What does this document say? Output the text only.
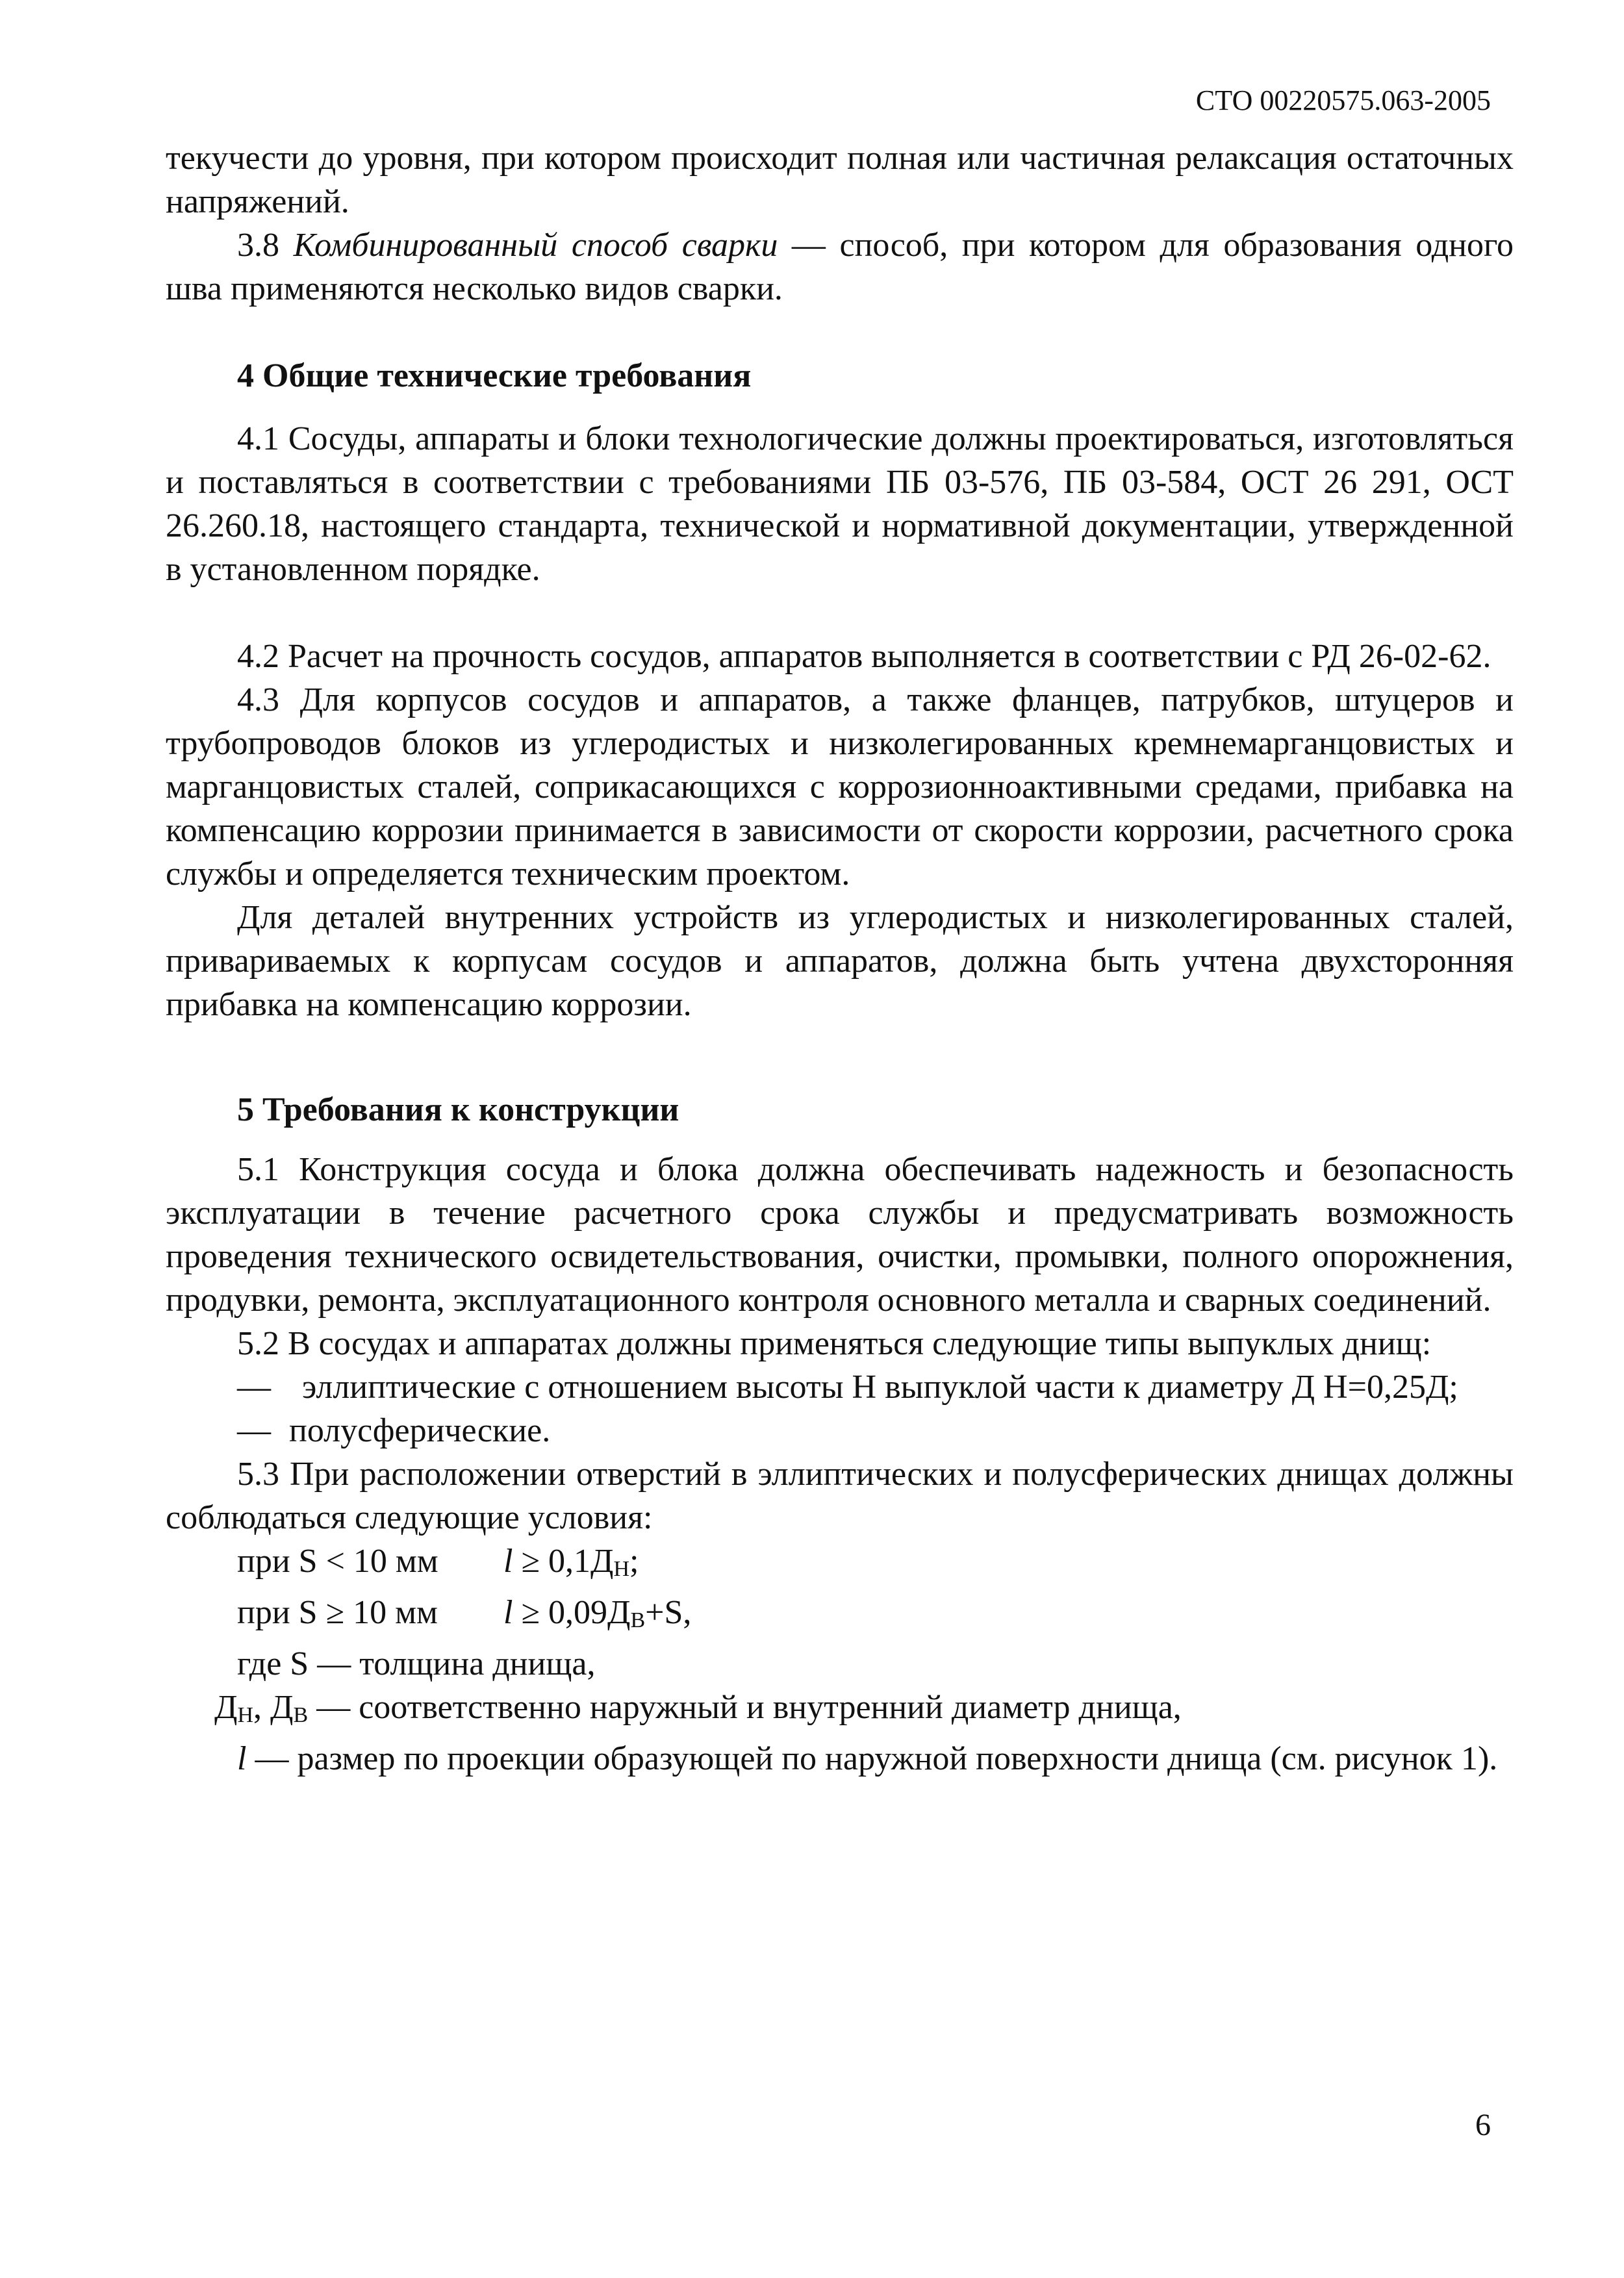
СТО 00220575.063-2005

текучести до уровня, при котором происходит полная или частичная релаксация остаточных напряжений.

3.8 Комбинированный способ сварки — способ, при котором для образования одного шва применяются несколько видов сварки.

4 Общие технические требования

4.1 Сосуды, аппараты и блоки технологические должны проектироваться, изготовляться и поставляться в соответствии с требованиями ПБ 03-576, ПБ 03-584, ОСТ 26 291, ОСТ 26.260.18, настоящего стандарта, технической и нормативной документации, утвержденной в установленном порядке.

4.2 Расчет на прочность сосудов, аппаратов выполняется в соответствии с РД 26-02-62.

4.3 Для корпусов сосудов и аппаратов, а также фланцев, патрубков, штуцеров и трубопроводов блоков из углеродистых и низколегированных кремнемарганцовистых и марганцовистых сталей, соприкасающихся с коррозионноактивными средами, прибавка на компенсацию коррозии принимается в зависимости от скорости коррозии, расчетного срока службы и определяется техническим проектом.

Для деталей внутренних устройств из углеродистых и низколегированных сталей, привариваемых к корпусам сосудов и аппаратов, должна быть учтена двухсторонняя прибавка на компенсацию коррозии.

5 Требования к конструкции

5.1 Конструкция сосуда и блока должна обеспечивать надежность и безопасность эксплуатации в течение расчетного срока службы и предусматривать возможность проведения технического освидетельствования, очистки, промывки, полного опорожнения, продувки, ремонта, эксплуатационного контроля основного металла и сварных соединений.

5.2 В сосудах и аппаратах должны применяться следующие типы выпуклых днищ:

— эллиптические с отношением высоты Н выпуклой части к диаметру Д Н=0,25Д;
— полусферические.

5.3 При расположении отверстий в эллиптических и полусферических днищах должны соблюдаться следующие условия:

при S < 10 мм	l ≥ 0,1ДН;
при S ≥ 10 мм	l ≥ 0,09ДВ+S,

где S — толщина днища,

ДН, ДВ — соответственно наружный и внутренний диаметр днища,

l — размер по проекции образующей по наружной поверхности днища (см. рисунок 1).

6
